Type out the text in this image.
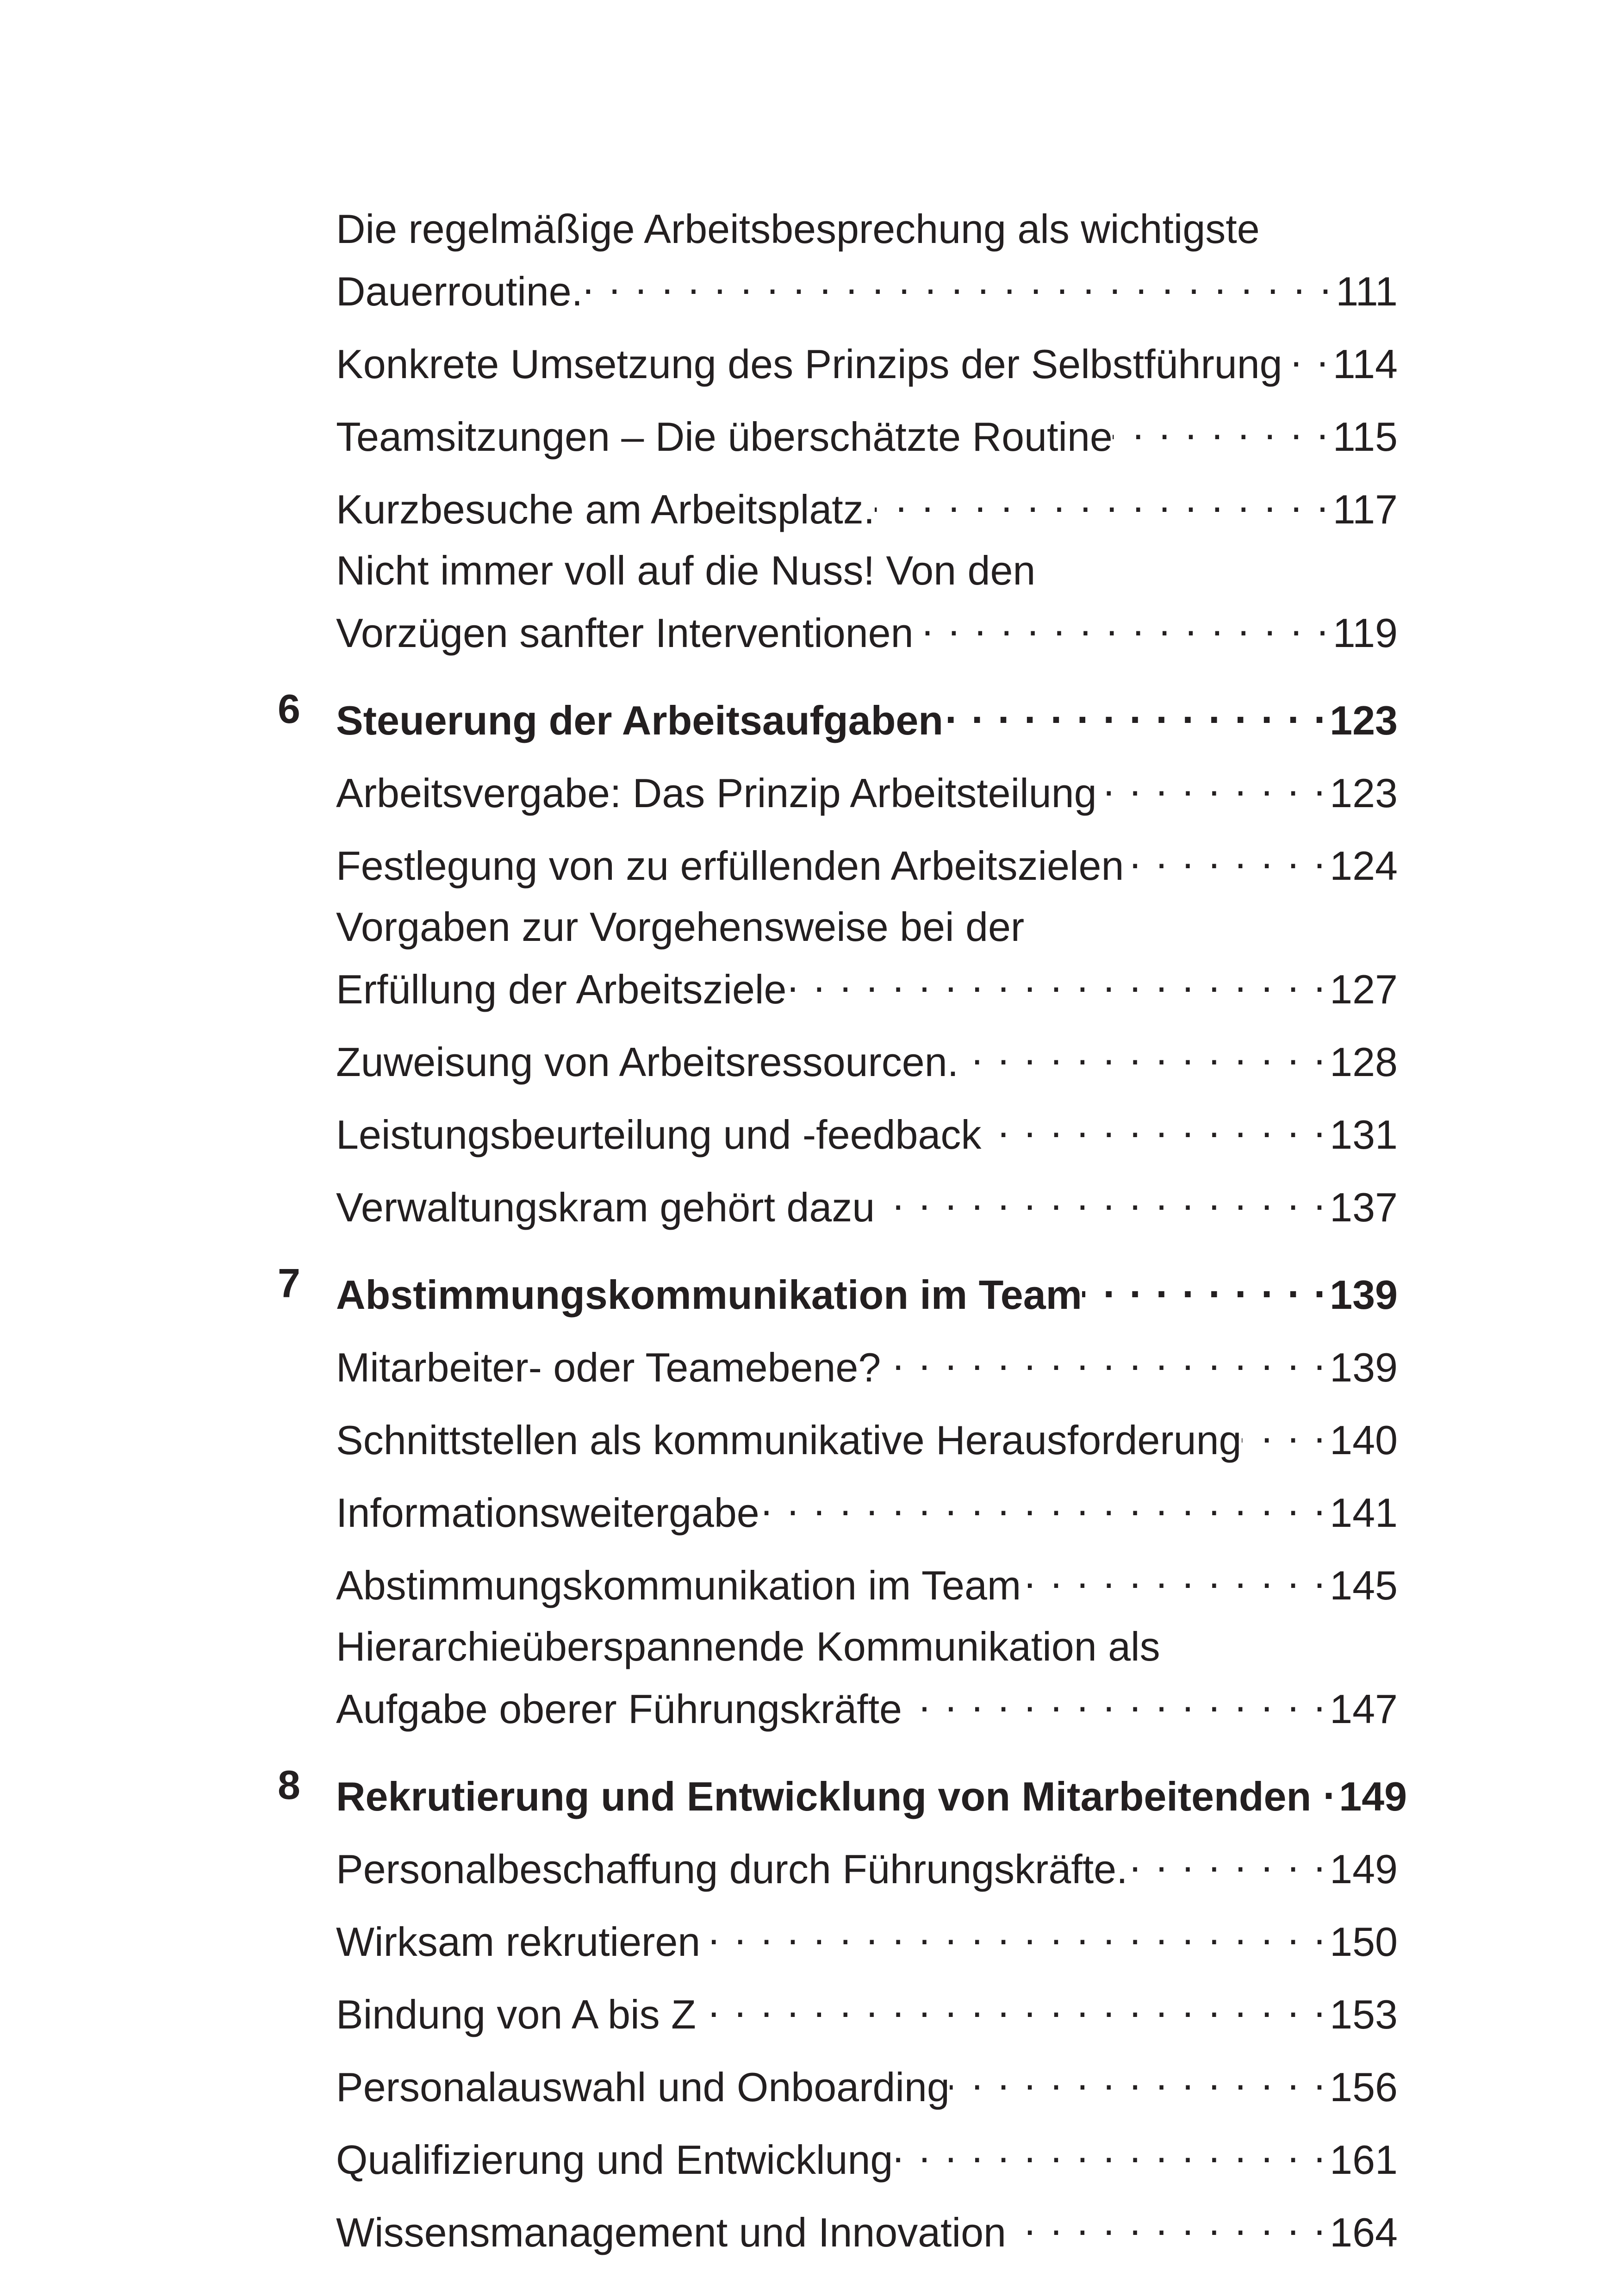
Die regelmäßige Arbeitsbesprechung als wichtigste
Dauerroutine. . . .	111
Konkrete Umsetzung des Prinzips der Selbstführung . . . 114
Teamsitzungen – Die überschätzte Routine . . .	115
Kurzbesuche am Arbeitsplatz. . . .	117
Nicht immer voll auf die Nuss! Von den
Vorzügen sanfter Interventionen . . .	119
6 Steuerung der Arbeitsaufgaben . . .	123
Arbeitsvergabe: Das Prinzip Arbeitsteilung . . .	123
Festlegung von zu erfüllenden Arbeitszielen . . .	124
Vorgaben zur Vorgehensweise bei der
Erfüllung der Arbeitsziele . . .	127
Zuweisung von Arbeitsressourcen. . . .	128
Leistungsbeurteilung und -feedback . . .	131
Verwaltungskram gehört dazu . . .	137
7 Abstimmungskommunikation im Team . . .	139
Mitarbeiter- oder Teamebene? . . .	139
Schnittstellen als kommunikative Herausforderung . . . 140
Informationsweitergabe . . .	141
Abstimmungskommunikation im Team . . .	145
Hierarchieüberspannende Kommunikation als
Aufgabe oberer Führungskräfte . . .	147
8 Rekrutierung und Entwicklung von Mitarbeitenden . . . 149
Personalbeschaffung durch Führungskräfte. . . .	149
Wirksam rekrutieren . . .	150
Bindung von A bis Z . . .	153
Personalauswahl und Onboarding . . .	156
Qualifizierung und Entwicklung . . .	161
Wissensmanagement und Innovation . . .	164
